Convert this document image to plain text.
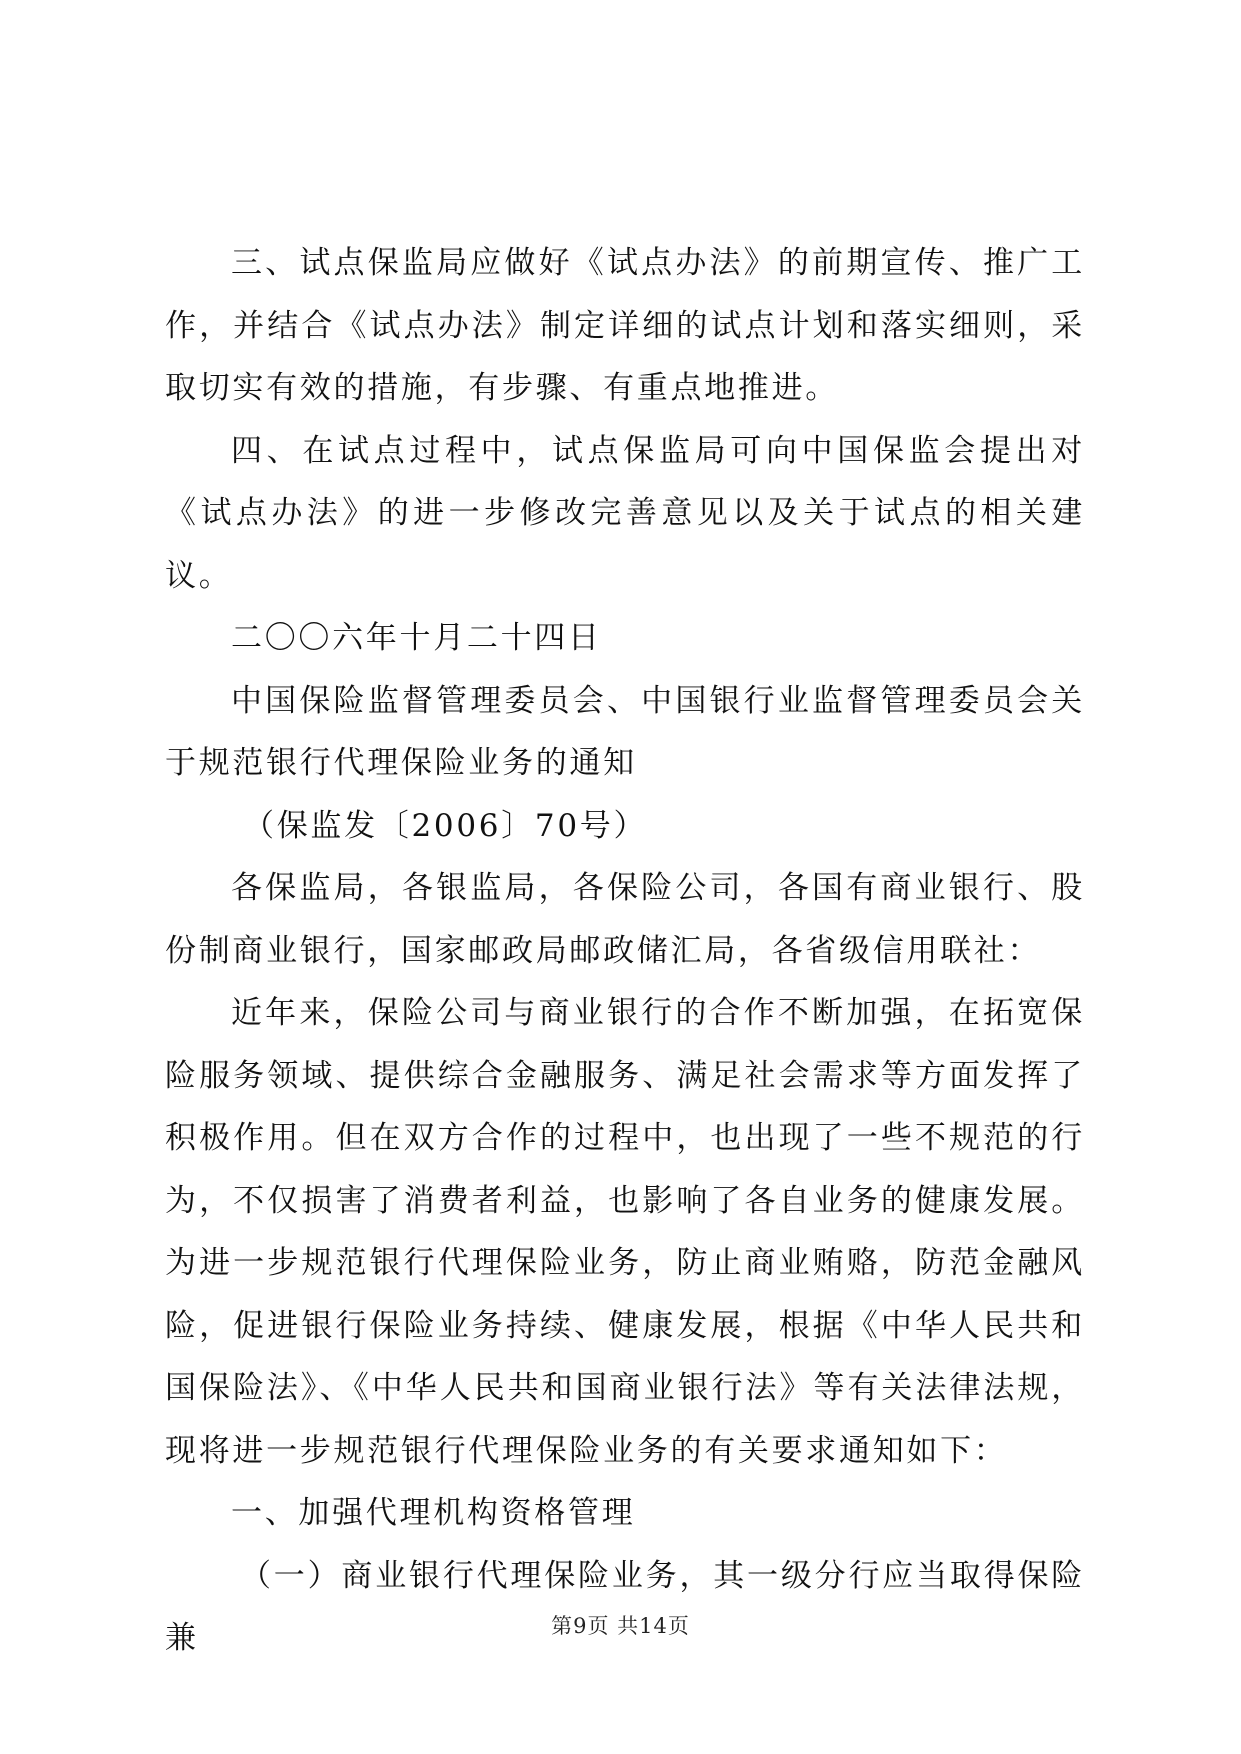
三、试点保监局应做好《试点办法》的前期宣传、推广工作，并结合《试点办法》制定详细的试点计划和落实细则，采取切实有效的措施，有步骤、有重点地推进。

四、在试点过程中，试点保监局可向中国保监会提出对《试点办法》的进一步修改完善意见以及关于试点的相关建议。

二〇〇六年十月二十四日

中国保险监督管理委员会、中国银行业监督管理委员会关于规范银行代理保险业务的通知

（保监发〔2006〕70号）

各保监局，各银监局，各保险公司，各国有商业银行、股份制商业银行，国家邮政局邮政储汇局，各省级信用联社：

近年来，保险公司与商业银行的合作不断加强，在拓宽保险服务领域、提供综合金融服务、满足社会需求等方面发挥了积极作用。但在双方合作的过程中，也出现了一些不规范的行为，不仅损害了消费者利益，也影响了各自业务的健康发展。为进一步规范银行代理保险业务，防止商业贿赂，防范金融风险，促进银行保险业务持续、健康发展，根据《中华人民共和国保险法》、《中华人民共和国商业银行法》等有关法律法规，现将进一步规范银行代理保险业务的有关要求通知如下：

一、加强代理机构资格管理

（一）商业银行代理保险业务，其一级分行应当取得保险兼	第9页 共14页
